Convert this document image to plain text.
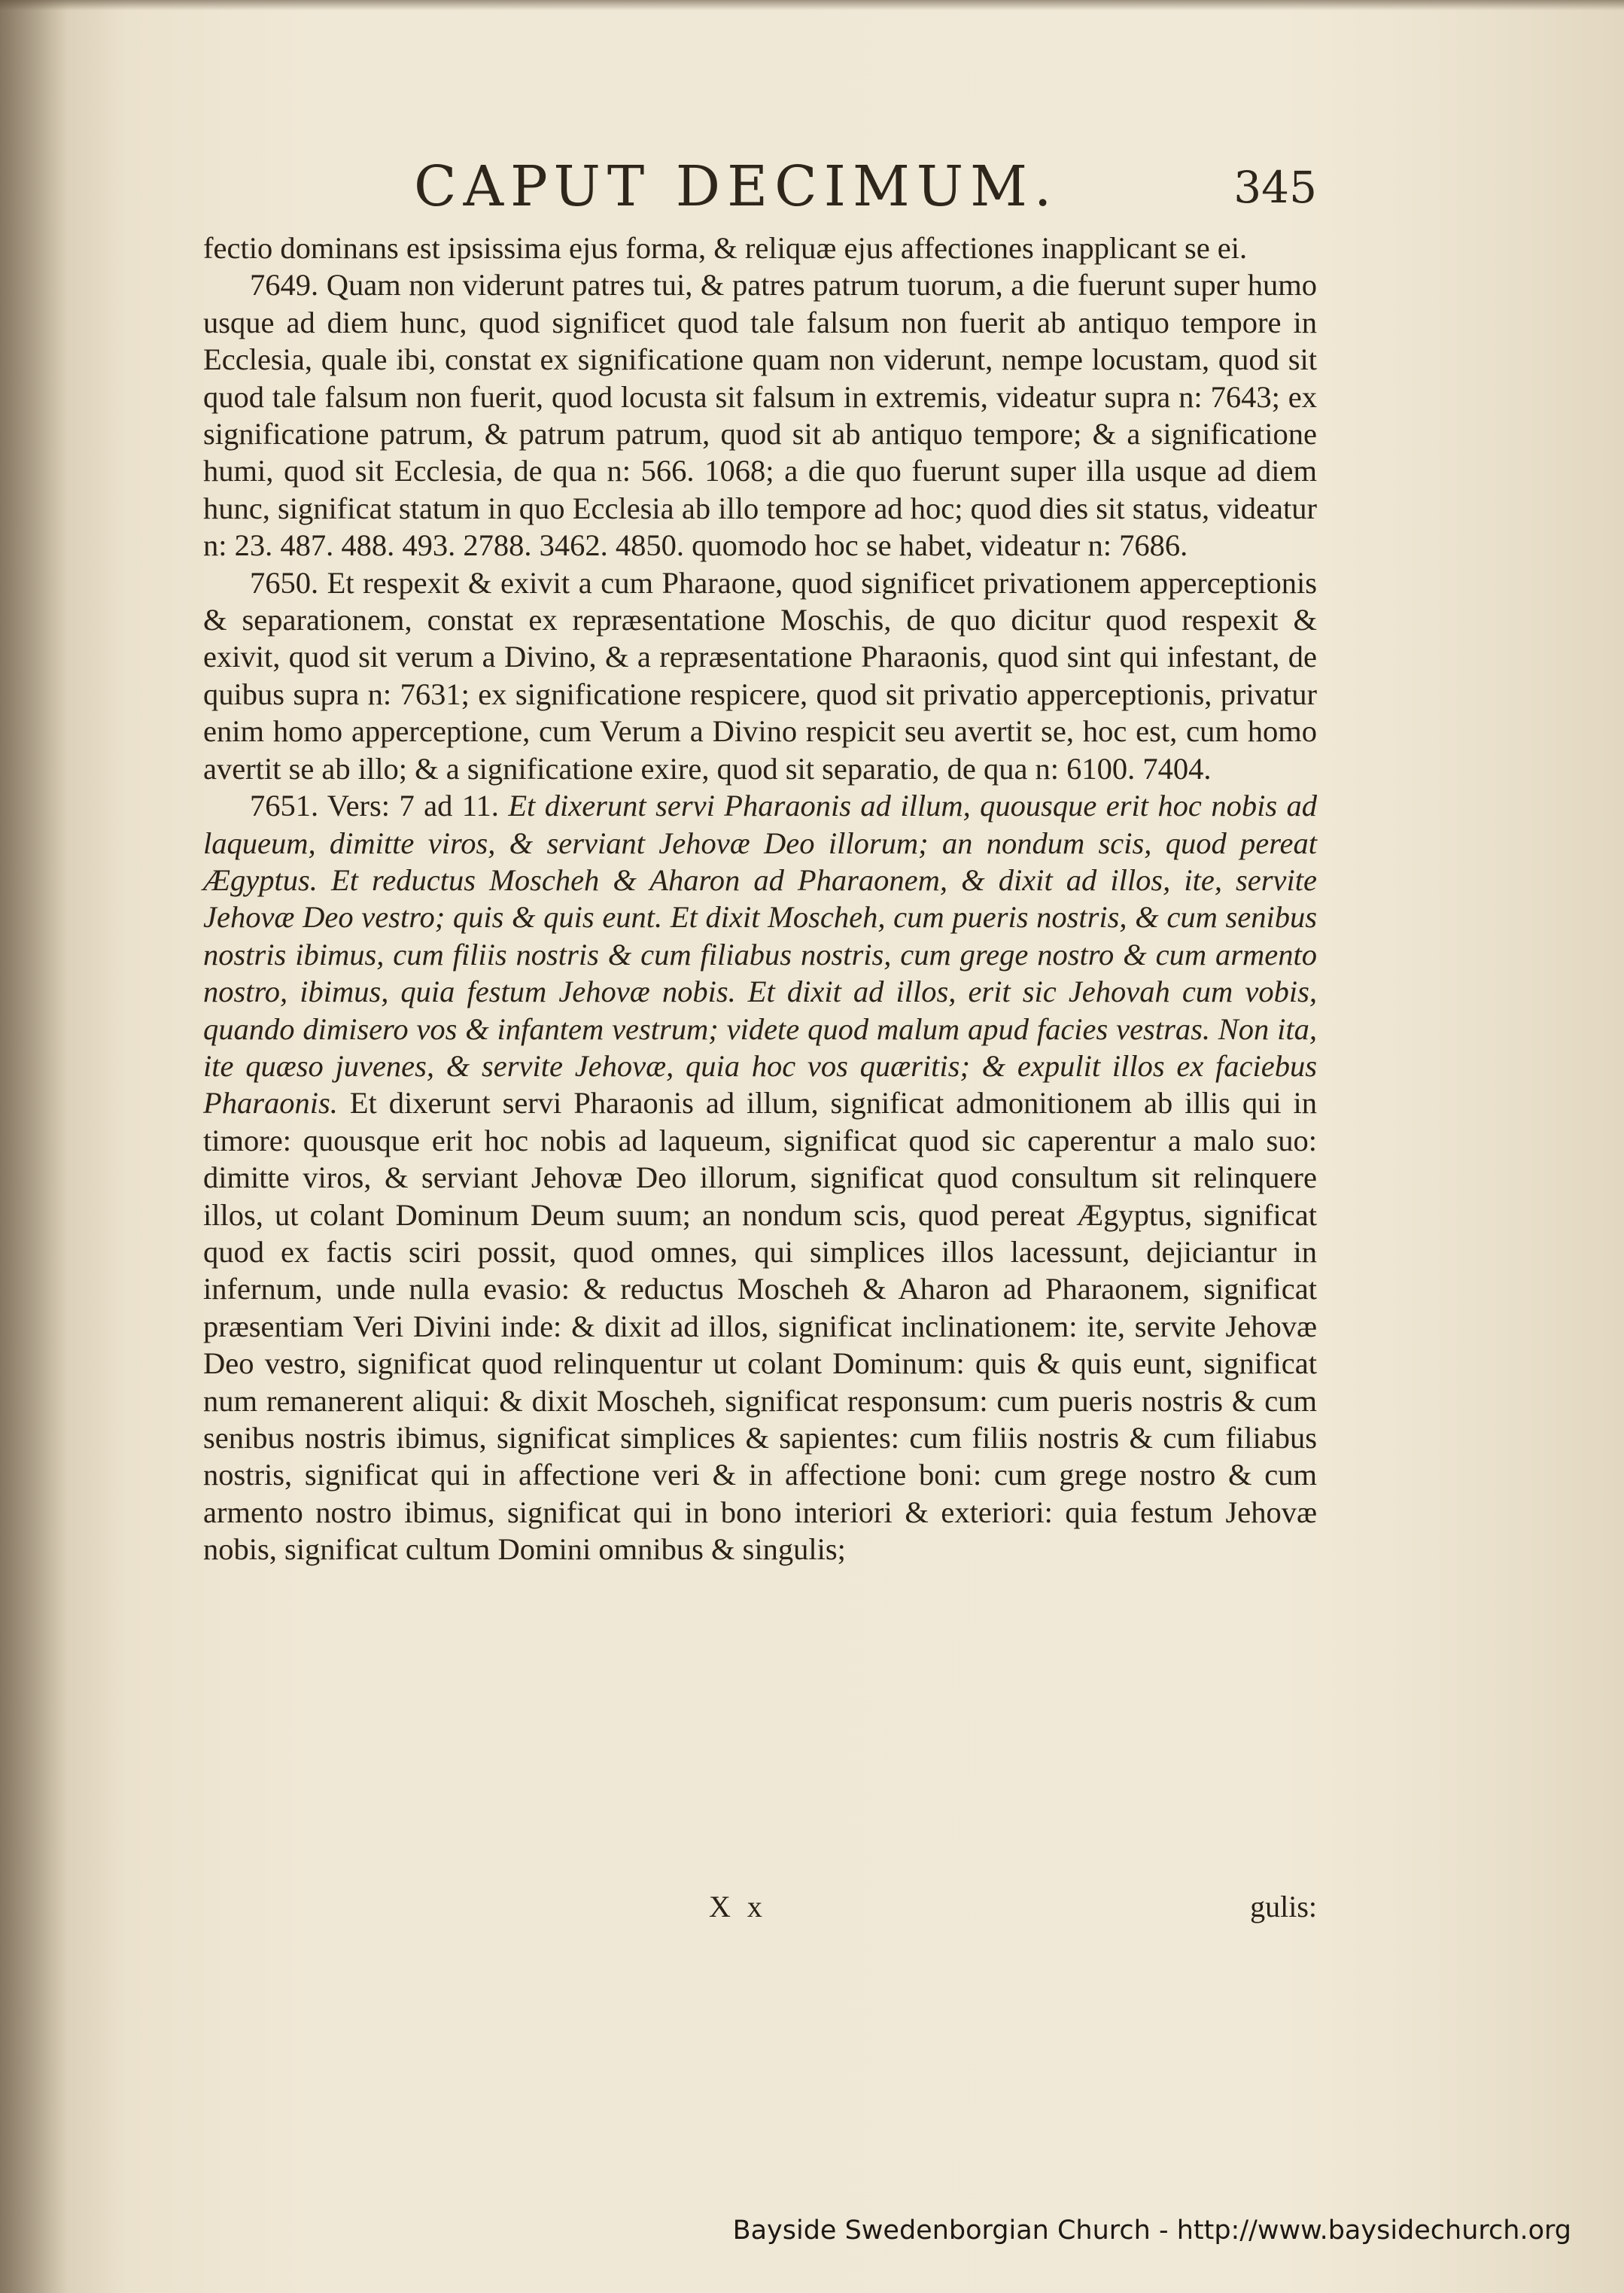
CAPUT DECIMUM.	345

fectio dominans est ipsissima ejus forma, & reliquæ ejus affectiones inapplicant se ei.

7649. Quam non viderunt patres tui, & patres patrum tuorum, a die fuerunt super humo usque ad diem hunc, quod significet quod tale falsum non fuerit ab antiquo tempore in Ecclesia, quale ibi, constat ex significatione quam non viderunt, nempe locustam, quod sit quod tale falsum non fuerit, quod locusta sit falsum in extremis, videatur supra n: 7643; ex significatione patrum, & patrum patrum, quod sit ab antiquo tempore; & a significatione humi, quod sit Ecclesia, de qua n: 566. 1068; a die quo fuerunt super illa usque ad diem hunc, significat statum in quo Ecclesia ab illo tempore ad hoc; quod dies sit status, videatur n: 23. 487. 488. 493. 2788. 3462. 4850. quomodo hoc se habet, videatur n: 7686.

7650. Et respexit & exivit a cum Pharaone, quod significet privationem apperceptionis & separationem, constat ex repræsentatione Moschis, de quo dicitur quod respexit & exivit, quod sit verum a Divino, & a repræsentatione Pharaonis, quod sint qui infestant, de quibus supra n: 7631; ex significatione respicere, quod sit privatio apperceptionis, privatur enim homo apperceptione, cum Verum a Divino respicit seu avertit se, hoc est, cum homo avertit se ab illo; & a significatione exire, quod sit separatio, de qua n: 6100. 7404.

7651. Vers: 7 ad 11. Et dixerunt servi Pharaonis ad illum, quousque erit hoc nobis ad laqueum, dimitte viros, & serviant Jehovæ Deo illorum; an nondum scis, quod pereat Ægyptus. Et reductus Moscheh & Aharon ad Pharaonem, & dixit ad illos, ite, servite Jehovæ Deo vestro; quis & quis eunt. Et dixit Moscheh, cum pueris nostris, & cum senibus nostris ibimus, cum filiis nostris & cum filiabus nostris, cum grege nostro & cum armento nostro, ibimus, quia festum Jehovæ nobis. Et dixit ad illos, erit sic Jehovah cum vobis, quando dimisero vos & infantem vestrum; videte quod malum apud facies vestras. Non ita, ite quæso juvenes, & servite Jehovæ, quia hoc vos quæritis; & expulit illos ex faciebus Pharaonis. Et dixerunt servi Pharaonis ad illum, significat admonitionem ab illis qui in timore: quousque erit hoc nobis ad laqueum, significat quod sic caperentur a malo suo: dimitte viros, & serviant Jehovæ Deo illorum, significat quod consultum sit relinquere illos, ut colant Dominum Deum suum; an nondum scis, quod pereat Ægyptus, significat quod ex factis sciri possit, quod omnes, qui simplices illos lacessunt, dejiciantur in infernum, unde nulla evasio: & reductus Moscheh & Aharon ad Pharaonem, significat præsentiam Veri Divini inde: & dixit ad illos, significat inclinationem: ite, servite Jehovæ Deo vestro, significat quod relinquentur ut colant Dominum: quis & quis eunt, significat num remanerent aliqui: & dixit Moscheh, significat responsum: cum pueris nostris & cum senibus nostris ibimus, significat simplices & sapientes: cum filiis nostris & cum filiabus nostris, significat qui in affectione veri & in affectione boni: cum grege nostro & cum armento nostro ibimus, significat qui in bono interiori & exteriori: quia festum Jehovæ nobis, significat cultum Domini omnibus & singulis;

X x	gulis:
Bayside Swedenborgian Church - http://www.baysidechurch.org
